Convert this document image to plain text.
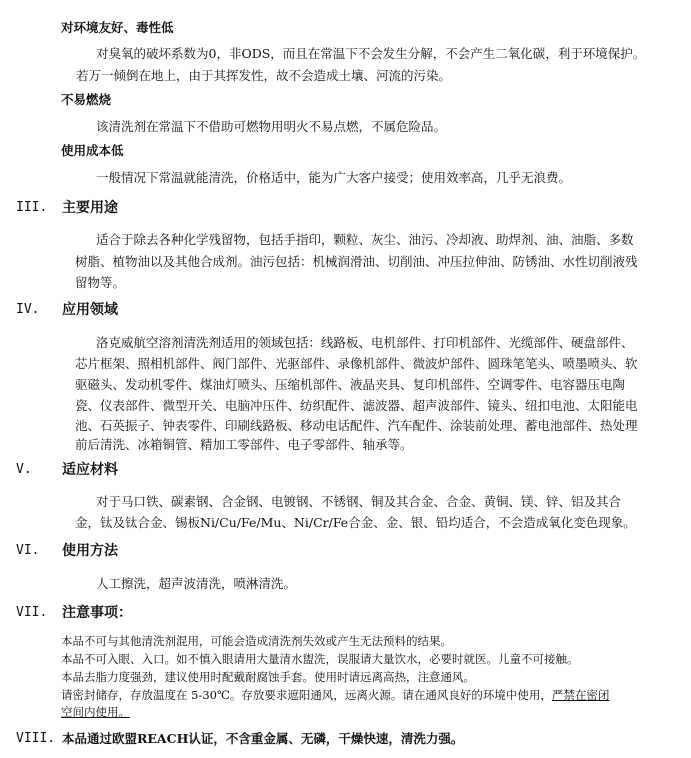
对环境友好、毒性低
对臭氧的破坏系数为0，非ODS，而且在常温下不会发生分解，不会产生二氧化碳，利于环境保护。
若万一倾倒在地上，由于其挥发性，故不会造成土壤、河流的污染。
不易燃烧
该清洗剂在常温下不借助可燃物用明火不易点燃，不属危险品。
使用成本低
一般情况下常温就能清洗，价格适中，能为广大客户接受；使用效率高，几乎无浪费。
III. 主要用途
适合于除去各种化学残留物，包括手指印，颗粒、灰尘、油污、冷却液、助焊剂、油、油脂、多数
树脂、植物油以及其他合成剂。油污包括：机械润滑油、切削油、冲压拉伸油、防锈油、水性切削液残
留物等。
IV. 应用领域
洛克威航空溶剂清洗剂适用的领域包括：线路板、电机部件、打印机部件、光缆部件、硬盘部件、
芯片框架、照相机部件、阀门部件、光驱部件、录像机部件、微波炉部件、圆珠笔笔头、喷墨喷头、软
驱磁头、发动机零件、煤油灯喷头、压缩机部件、液晶夹具、复印机部件、空调零件、电容器压电陶
瓷、仪表部件、微型开关、电脑冲压件、纺织配件、滤波器、超声波部件、镜头、纽扣电池、太阳能电
池、石英振子、钟表零件、印刷线路板、移动电话配件、汽车配件、涂装前处理、蓄电池部件、热处理
前后清洗、冰箱铜管、精加工零部件、电子零部件、轴承等。
V. 适应材料
对于马口铁、碳素钢、合金钢、电镀钢、不锈钢、铜及其合金、合金、黄铜、镁、锌、铝及其合
金，钛及钛合金、锡板Ni/Cu/Fe/Mu、Ni/Cr/Fe合金、金、银、铅均适合，不会造成氧化变色现象。
VI. 使用方法
人工擦洗，超声波清洗，喷淋清洗。
VII. 注意事项：
本品不可与其他清洗剂混用，可能会造成清洗剂失效或产生无法预料的结果。
本品不可入眼、入口。如不慎入眼请用大量清水盥洗，误服请大量饮水，必要时就医。儿童不可接触。
本品去脂力度强劲，建议使用时配戴耐腐蚀手套。使用时请远离高热，注意通风。
请密封储存，存放温度在 5-30℃。存放要求遮阳通风，远离火源。请在通风良好的环境中使用，严禁在密闭
空间内使用。
VIII. 本品通过欧盟REACH认证，不含重金属、无磷，干燥快速，清洗力强。
